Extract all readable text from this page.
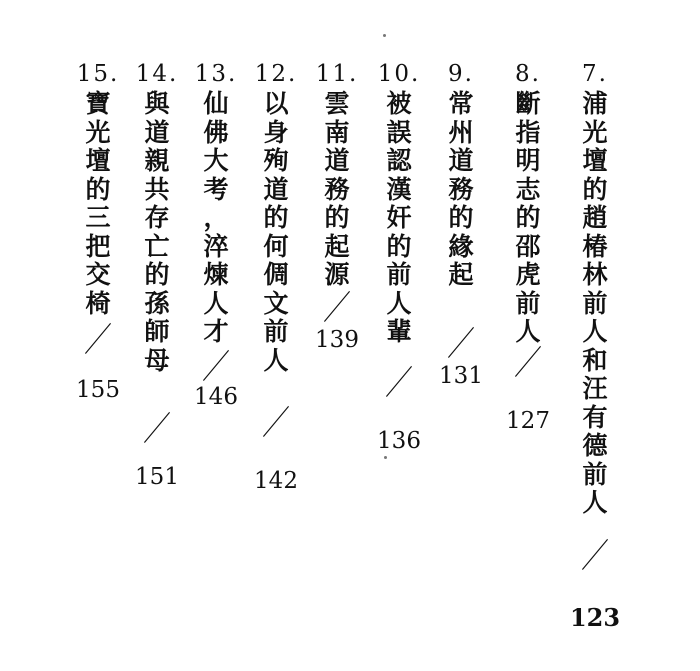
15.
寶
光
壇
的
三
把
交
椅
／
155
14.
與
道
親
共
存
亡
的
孫
師
母
／
151
13.
仙
佛
大
考
，
淬
煉
人
才
／
146
12.
以
身
殉
道
的
何
倜
文
前
人
／
142
11.
雲
南
道
務
的
起
源
／
139
10.
被
誤
認
漢
奸
的
前
人
輩
／
136
9.
常
州
道
務
的
緣
起
／
131
8.
斷
指
明
志
的
邵
虎
前
人
／
127
7.
浦
光
壇
的
趙
椿
林
前
人
和
汪
有
德
前
人
／
123
